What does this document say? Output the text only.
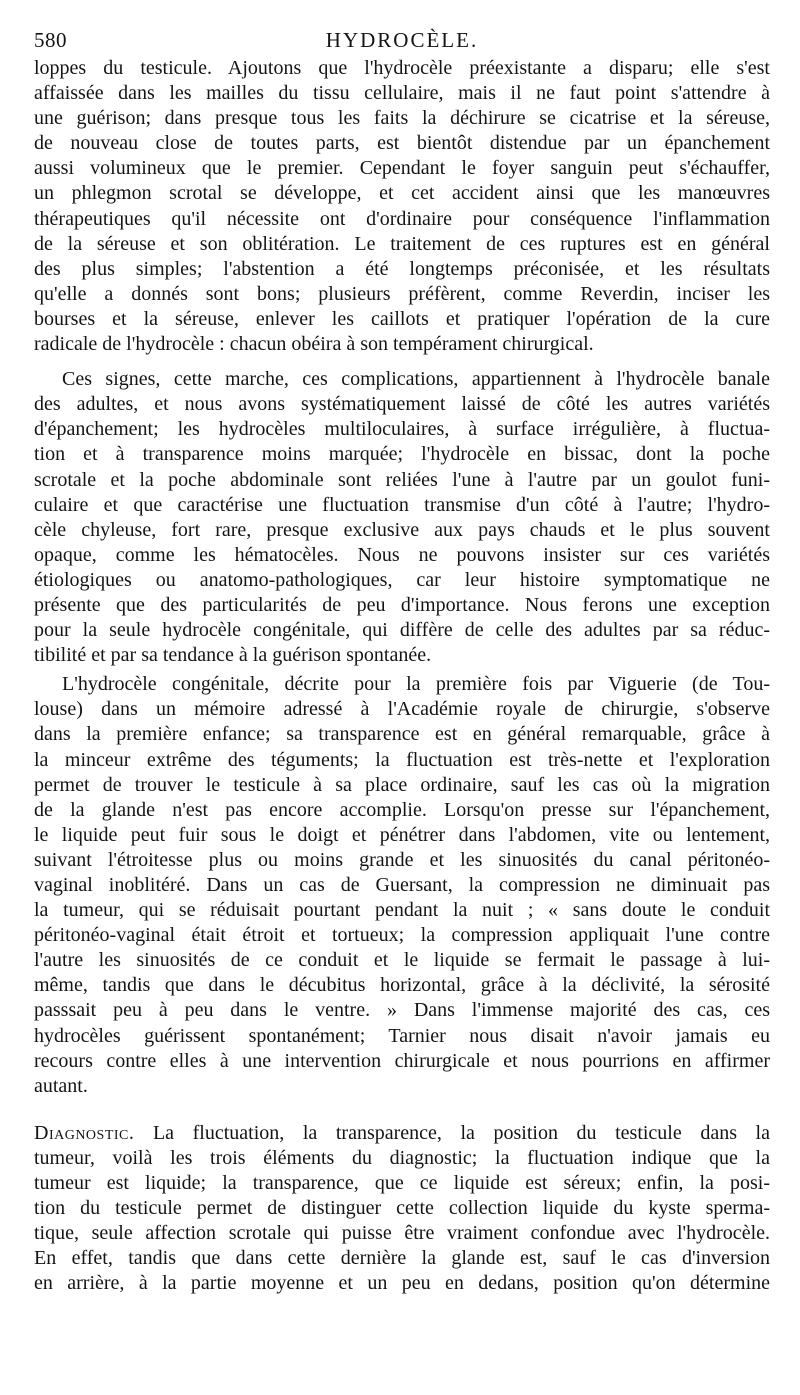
580	HYDROCÈLE.
loppes du testicule. Ajoutons que l'hydrocèle préexistante a disparu; elle s'est
affaissée dans les mailles du tissu cellulaire, mais il ne faut point s'attendre à
une guérison; dans presque tous les faits la déchirure se cicatrise et la séreuse,
de nouveau close de toutes parts, est bientôt distendue par un épanchement
aussi volumineux que le premier. Cependant le foyer sanguin peut s'échauffer,
un phlegmon scrotal se développe, et cet accident ainsi que les manœuvres
thérapeutiques qu'il nécessite ont d'ordinaire pour conséquence l'inflammation
de la séreuse et son oblitération. Le traitement de ces ruptures est en général
des plus simples; l'abstention a été longtemps préconisée, et les résultats
qu'elle a donnés sont bons; plusieurs préfèrent, comme Reverdin, inciser les
bourses et la séreuse, enlever les caillots et pratiquer l'opération de la cure
radicale de l'hydrocèle : chacun obéira à son tempérament chirurgical.
Ces signes, cette marche, ces complications, appartiennent à l'hydrocèle banale
des adultes, et nous avons systématiquement laissé de côté les autres variétés
d'épanchement; les hydrocèles multiloculaires, à surface irrégulière, à fluctua-
tion et à transparence moins marquée; l'hydrocèle en bissac, dont la poche
scrotale et la poche abdominale sont reliées l'une à l'autre par un goulot funi-
culaire et que caractérise une fluctuation transmise d'un côté à l'autre; l'hydro-
cèle chyleuse, fort rare, presque exclusive aux pays chauds et le plus souvent
opaque, comme les hématocèles. Nous ne pouvons insister sur ces variétés
étiologiques ou anatomo-pathologiques, car leur histoire symptomatique ne
présente que des particularités de peu d'importance. Nous ferons une exception
pour la seule hydrocèle congénitale, qui diffère de celle des adultes par sa réduc-
tibilité et par sa tendance à la guérison spontanée.
L'hydrocèle congénitale, décrite pour la première fois par Viguerie (de Tou-
louse) dans un mémoire adressé à l'Académie royale de chirurgie, s'observe
dans la première enfance; sa transparence est en général remarquable, grâce à
la minceur extrême des téguments; la fluctuation est très-nette et l'exploration
permet de trouver le testicule à sa place ordinaire, sauf les cas où la migration
de la glande n'est pas encore accomplie. Lorsqu'on presse sur l'épanchement,
le liquide peut fuir sous le doigt et pénétrer dans l'abdomen, vite ou lentement,
suivant l'étroitesse plus ou moins grande et les sinuosités du canal péritonéo-
vaginal inoblitéré. Dans un cas de Guersant, la compression ne diminuait pas
la tumeur, qui se réduisait pourtant pendant la nuit ; « sans doute le conduit
péritonéo-vaginal était étroit et tortueux; la compression appliquait l'une contre
l'autre les sinuosités de ce conduit et le liquide se fermait le passage à lui-
même, tandis que dans le décubitus horizontal, grâce à la déclivité, la sérosité
passsait peu à peu dans le ventre. » Dans l'immense majorité des cas, ces
hydrocèles guérissent spontanément; Tarnier nous disait n'avoir jamais eu
recours contre elles à une intervention chirurgicale et nous pourrions en affirmer
autant.
Diagnostic. La fluctuation, la transparence, la position du testicule dans la
tumeur, voilà les trois éléments du diagnostic; la fluctuation indique que la
tumeur est liquide; la transparence, que ce liquide est séreux; enfin, la posi-
tion du testicule permet de distinguer cette collection liquide du kyste sperma-
tique, seule affection scrotale qui puisse être vraiment confondue avec l'hydrocèle.
En effet, tandis que dans cette dernière la glande est, sauf le cas d'inversion
en arrière, à la partie moyenne et un peu en dedans, position qu'on détermine
